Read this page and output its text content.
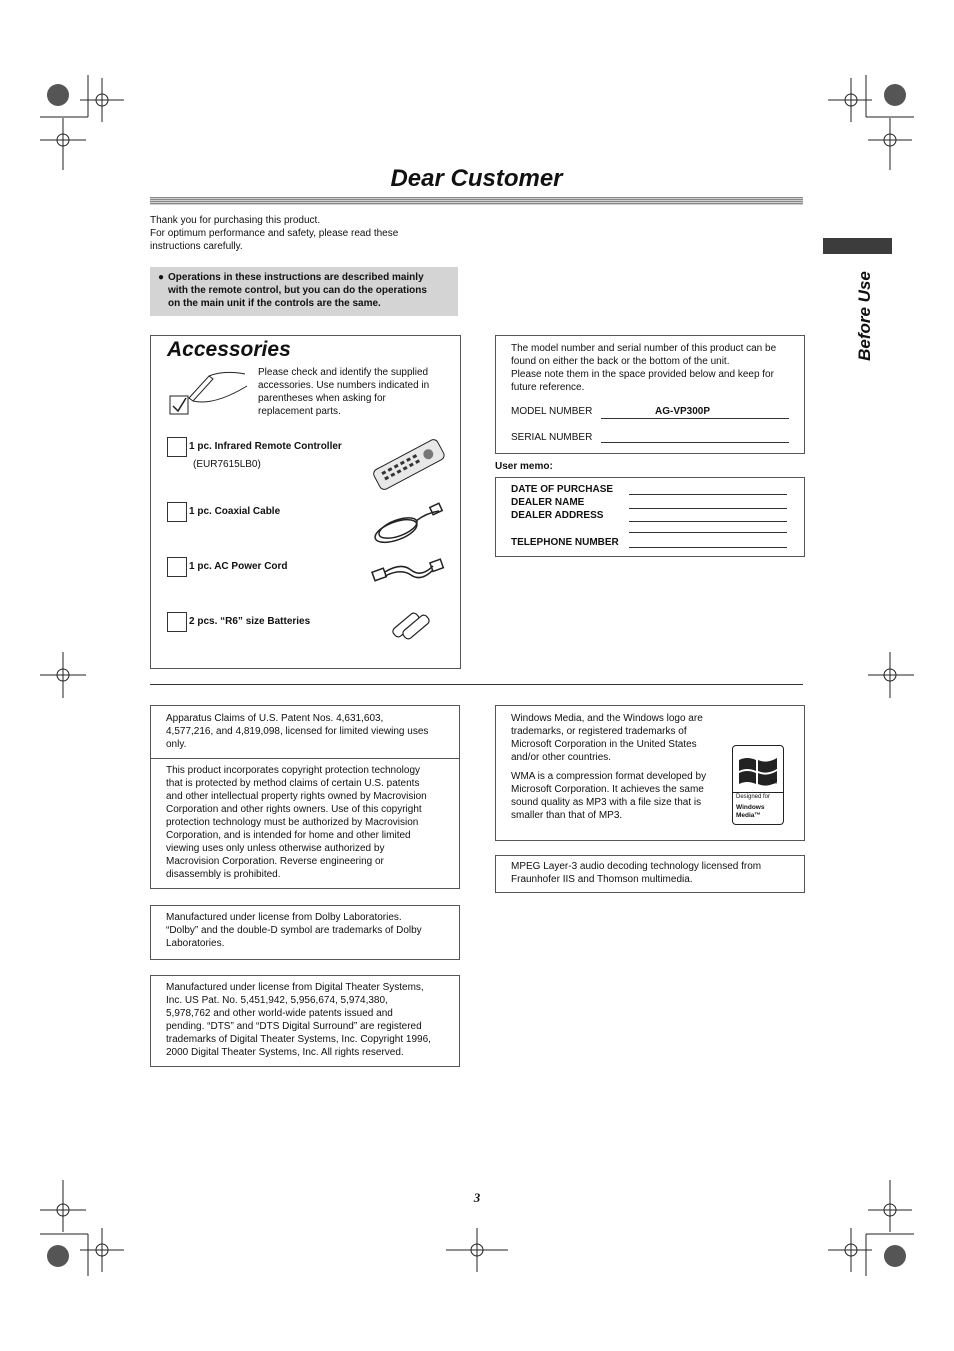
Dear Customer
Before Use
Thank you for purchasing this product.
For optimum performance and safety, please read these
instructions carefully.
● Operations in these instructions are described mainly
with the remote control, but you can do the operations
on the main unit if the controls are the same.
Accessories
Please check and identify the supplied
accessories. Use numbers indicated in
parentheses when asking for
replacement parts.
1 pc. Infrared Remote Controller
(EUR7615LB0)
1 pc. Coaxial Cable
1 pc. AC Power Cord
2 pcs. “R6” size Batteries
The model number and serial number of this product can be
found on either the back or the bottom of the unit.
Please note them in the space provided below and keep for
future reference.
MODEL NUMBER	AG-VP300P
SERIAL NUMBER
User memo:
DATE OF PURCHASE
DEALER NAME
DEALER ADDRESS
TELEPHONE NUMBER
Apparatus Claims of U.S. Patent Nos. 4,631,603,
4,577,216, and 4,819,098, licensed for limited viewing uses
only.
This product incorporates copyright protection technology
that is protected by method claims of certain U.S. patents
and other intellectual property rights owned by Macrovision
Corporation and other rights owners. Use of this copyright
protection technology must be authorized by Macrovision
Corporation, and is intended for home and other limited
viewing uses only unless otherwise authorized by
Macrovision Corporation. Reverse engineering or
disassembly is prohibited.
Manufactured under license from Dolby Laboratories.
“Dolby” and the double-D symbol are trademarks of Dolby
Laboratories.
Manufactured under license from Digital Theater Systems,
Inc. US Pat. No. 5,451,942, 5,956,674, 5,974,380,
5,978,762 and other world-wide patents issued and
pending. “DTS” and “DTS Digital Surround” are registered
trademarks of Digital Theater Systems, Inc. Copyright 1996,
2000 Digital Theater Systems, Inc. All rights reserved.
Windows Media, and the Windows logo are
trademarks, or registered trademarks of
Microsoft Corporation in the United States
and/or other countries.
WMA is a compression format developed by
Microsoft Corporation. It achieves the same
sound quality as MP3 with a file size that is
smaller than that of MP3.
TM
Designed for
Windows
Media™
MPEG Layer-3 audio decoding technology licensed from
Fraunhofer IIS and Thomson multimedia.
3
